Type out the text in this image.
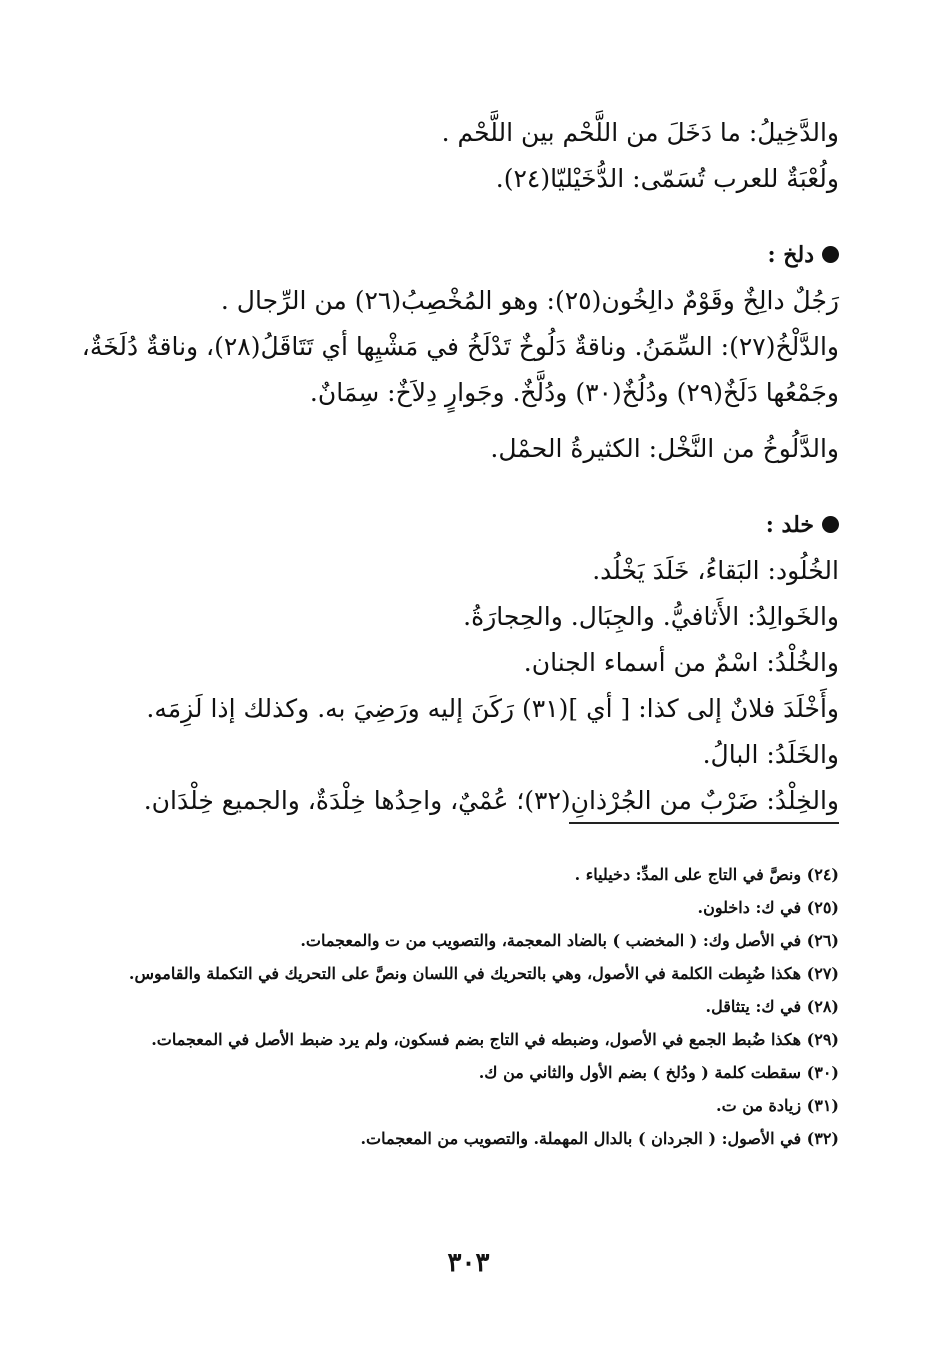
والدَّخِيلُ: ما دَخَلَ من اللَّحْم بين اللَّحْم .
ولُعْبَةٌ للعرب تُسَمّى: الدُّخَيْليّا(٢٤).
دلخ :
رَجُلٌ دالِخٌ وقَوْمٌ دالِخُون(٢٥): وهو المُخْصِبُ(٢٦) من الرِّجال .
والدَّلْخُ(٢٧): السِّمَنُ. وناقةٌ دَلُوخٌ تَدْلَخُ في مَشْيِها أي تَتَاقَلُ(٢٨)، وناقةٌ دُلَخَةٌ،
وجَمْعُها دَلَخٌ(٢٩) ودُلُخٌ(٣٠) ودُلَّخٌ. وجَوارٍ دِلاَخٌ: سِمَانٌ.
والدَّلُوخُ من النَّخْل: الكثيرةُ الحمْل.
خلد :
الخُلُود: البَقاءُ، خَلَدَ يَخْلُد.
والخَوالِدُ: الأَثافيُّ. والجِبَال. والحِجارَةُ.
والخُلْدُ: اسْمٌ من أسماء الجنان.
وأَخْلَدَ فلانٌ إلى كذا: [ أي ](٣١) رَكَنَ إليه ورَضِيَ به. وكذلك إذا لَزِمَه.
والخَلَدُ: البالُ.
والخِلْدُ: ضَرْبٌ من الجُرْذانِ(٣٢)؛ عُمْيٌ، واحِدُها خِلْدَةٌ، والجميع خِلْدَان.

(٢٤) ونصَّ في التاج على المدِّ: دخيلياء .

(٢٥) في ك: داخلون.

(٢٦) في الأصل وك: ( المخضب ) بالضاد المعجمة، والتصويب من ت والمعجمات.

(٢٧) هكذا ضُبِطت الكلمة في الأصول، وهي بالتحريك في اللسان ونصَّ على التحريك في التكملة والقاموس.

(٢٨) في ك: يتثاقل.

(٢٩) هكذا ضُبط الجمع في الأصول، وضبطه في التاج بضم فسكون، ولم يرد ضبط الأصل في المعجمات.

(٣٠) سقطت كلمة ( ودُلخ ) بضم الأول والثاني من ك.

(٣١) زيادة من ت.

(٣٢) في الأصول: ( الجردان ) بالدال المهملة. والتصويب من المعجمات.

٣٠٣
